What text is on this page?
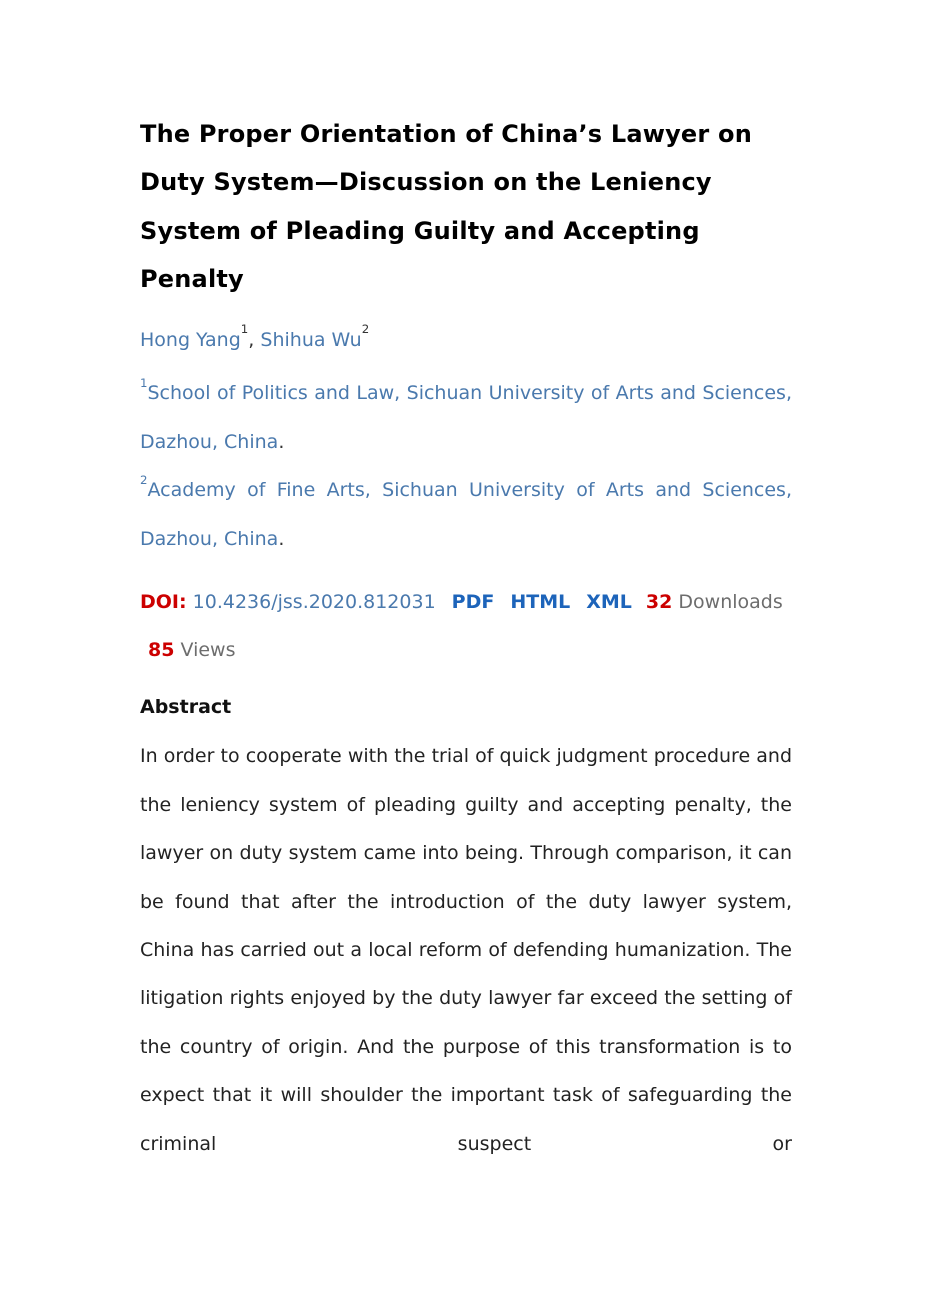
The Proper Orientation of China’s Lawyer on Duty System—Discussion on the Leniency System of Pleading Guilty and Accepting Penalty

Hong Yang$^1$, Shihua Wu$^2$

$^1$School of Politics and Law, Sichuan University of Arts and Sciences, Dazhou, China.

$^2$Academy of Fine Arts, Sichuan University of Arts and Sciences, Dazhou, China.

DOI: 10.4236/jss.2020.812031 PDF HTML XML 32 Downloads85 Views

Abstract

In order to cooperate with the trial of quick judgment procedure and the leniency system of pleading guilty and accepting penalty, the lawyer on duty system came into being. Through comparison, it can be found that after the introduction of the duty lawyer system, China has carried out a local reform of defending humanization. The litigation rights enjoyed by the duty lawyer far exceed the setting of the country of origin. And the purpose of this transformation is to expect that it will shoulder the important task of safeguarding the criminal suspect or
